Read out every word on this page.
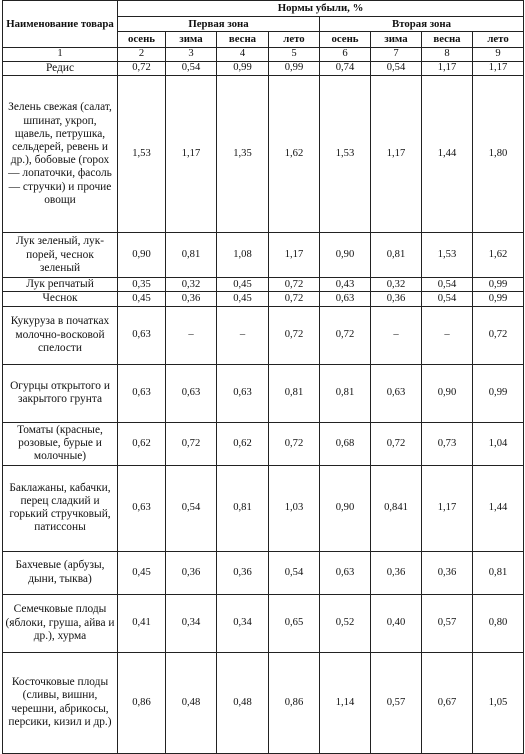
Наименование товара	Нормы убыли, %							
	Первая зона				Вторая зона			
	осень	зима	весна	лето	осень	зима	весна	лето
1	2	3	4	5	6	7	8	9
Редис	0,72	0,54	0,99	0,99	0,74	0,54	1,17	1,17
Зелень свежая (салат, шпинат, укроп, щавель, петрушка, сельдерей, ревень и др.), бобовые (горох — лопаточки, фасоль — стручки) и прочие овощи	1,53	1,17	1,35	1,62	1,53	1,17	1,44	1,80
Лук зеленый, лук-порей, чеснок зеленый	0,90	0,81	1,08	1,17	0,90	0,81	1,53	1,62
Лук репчатый	0,35	0,32	0,45	0,72	0,43	0,32	0,54	0,99
Чеснок	0,45	0,36	0,45	0,72	0,63	0,36	0,54	0,99
Кукуруза в початках молочно-восковой спелости	0,63	–	–	0,72	0,72	–	–	0,72
Огурцы открытого и закрытого грунта	0,63	0,63	0,63	0,81	0,81	0,63	0,90	0,99
Томаты (красные, розовые, бурые и молочные)	0,62	0,72	0,62	0,72	0,68	0,72	0,73	1,04
Баклажаны, кабачки, перец сладкий и горький стручковый, патиссоны	0,63	0,54	0,81	1,03	0,90	0,841	1,17	1,44
Бахчевые (арбузы, дыни, тыква)	0,45	0,36	0,36	0,54	0,63	0,36	0,36	0,81
Семечковые плоды (яблоки, груша, айва и др.), хурма	0,41	0,34	0,34	0,65	0,52	0,40	0,57	0,80
Косточковые плоды (сливы, вишни, черешни, абрикосы, персики, кизил и др.)	0,86	0,48	0,48	0,86	1,14	0,57	0,67	1,05
